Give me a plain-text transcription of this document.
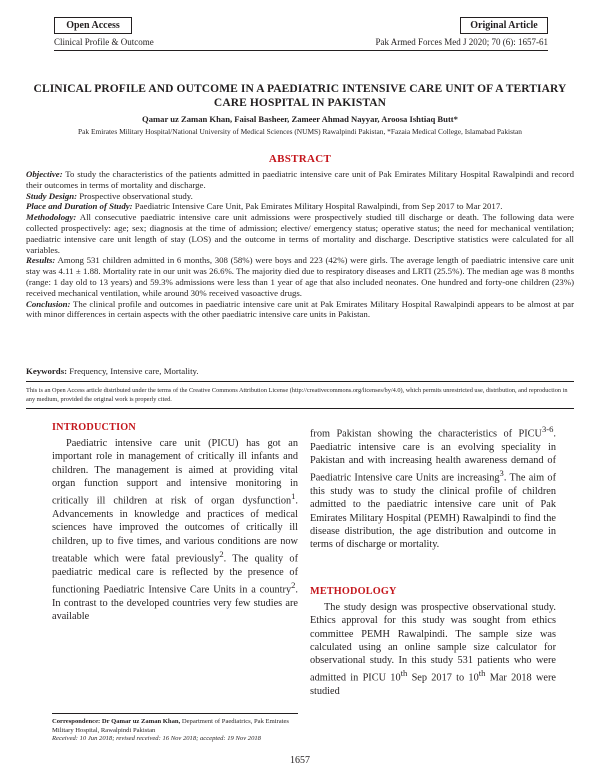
Open Access	Original Article
Clinical Profile & Outcome	Pak Armed Forces Med J 2020; 70 (6): 1657-61
CLINICAL PROFILE AND OUTCOME IN A PAEDIATRIC INTENSIVE CARE UNIT OF A TERTIARY CARE HOSPITAL IN PAKISTAN
Qamar uz Zaman Khan, Faisal Basheer, Zameer Ahmad Nayyar, Aroosa Ishtiaq Butt*
Pak Emirates Military Hospital/National University of Medical Sciences (NUMS) Rawalpindi Pakistan, *Fazaia Medical College, Islamabad Pakistan
ABSTRACT

Objective: To study the characteristics of the patients admitted in paediatric intensive care unit of Pak Emirates Military Hospital Rawalpindi and record their outcomes in terms of mortality and discharge.

Study Design: Prospective observational study.

Place and Duration of Study: Paediatric Intensive Care Unit, Pak Emirates Military Hospital Rawalpindi, from Sep 2017 to Mar 2017.

Methodology: All consecutive paediatric intensive care unit admissions were prospectively studied till discharge or death. The following data were collected prospectively: age; sex; diagnosis at the time of admission; elective/ emergency status; operative status; the need for mechanical ventilation; paediatric intensive care unit length of stay (LOS) and the outcome in terms of mortality and discharge. Descriptive statistics were calculated for all variables.

Results: Among 531 children admitted in 6 months, 308 (58%) were boys and 223 (42%) were girls. The average length of paediatric intensive care unit stay was 4.11 ± 1.88. Mortality rate in our unit was 26.6%. The majority died due to respiratory diseases and LRTI (25.5%). The median age was 8 months (range: 1 day old to 13 years) and 59.3% admissions were less than 1 year of age that also included neonates. One hundred and forty-one children (23%) received mechanical ventilation, while around 30% received vasoactive drugs.

Conclusion: The clinical profile and outcomes in paediatric intensive care unit at Pak Emirates Military Hospital Rawalpindi appears to be almost at par with minor differences in certain aspects with the other paediatric intensive care units in Pakistan.

Keywords: Frequency, Intensive care, Mortality.
This is an Open Access article distributed under the terms of the Creative Commons Attribution License (http://creativecommons.org/licenses/by/4.0), which permits unrestricted use, distribution, and reproduction in any medium, provided the original work is properly cited.
INTRODUCTION

Paediatric intensive care unit (PICU) has got an important role in management of critically ill infants and children. The management is aimed at providing vital organ function support and intensive monitoring in critically ill children at risk of organ dysfunction$^1$. Advancements in knowledge and practices of medical sciences have improved the outcomes of critically ill children, up to five times, and various conditions are now treatable which were fatal previously$^2$. The quality of paediatric medical care is reflected by the presence of functioning Paediatric Intensive Care Units in a country$^2$. In contrast to the developed countries very few studies are available

from Pakistan showing the characteristics of PICU$^{3-6}$. Paediatric intensive care is an evolving speciality in Pakistan and with increasing health awareness demand of Paediatric Intensive care Units are increasing$^3$. The aim of this study was to study the clinical profile of children admitted to the paediatric intensive care unit of Pak Emirates Military Hospital (PEMH) Rawalpindi to find the disease distribution, the age distribution and outcome in terms of discharge or mortality.

METHODOLOGY

The study design was prospective observational study. Ethics approval for this study was sought from ethics committee PEMH Rawalpindi. The sample size was calculated using an online sample size calculator for observational study. In this study 531 patients who were admitted in PICU 10th Sep 2017 to 10th Mar 2018 were studied

Correspondence: Dr Qamar uz Zaman Khan, Department of Paediatrics, Pak Emirates Military Hospital, Rawalpindi Pakistan
Received: 10 Jun 2018; revised received: 16 Nov 2018; accepted: 19 Nov 2018
1657
